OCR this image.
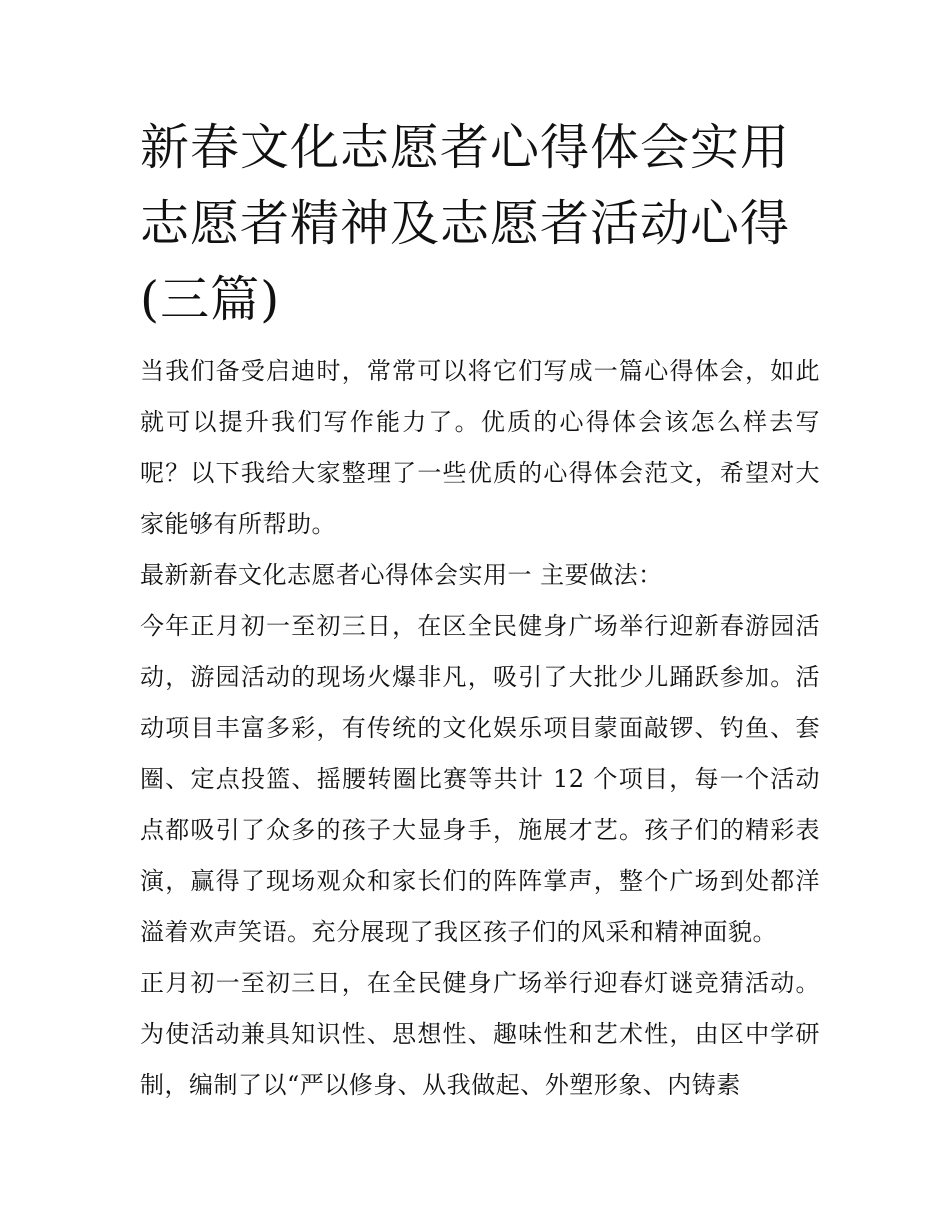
新春文化志愿者心得体会实用
志愿者精神及志愿者活动心得
(三篇)

当我们备受启迪时，常常可以将它们写成一篇心得体会，如此就可以提升我们写作能力了。优质的心得体会该怎么样去写呢？以下我给大家整理了一些优质的心得体会范文，希望对大家能够有所帮助。

最新新春文化志愿者心得体会实用一 主要做法：

今年正月初一至初三日，在区全民健身广场举行迎新春游园活动，游园活动的现场火爆非凡，吸引了大批少儿踊跃参加。活动项目丰富多彩，有传统的文化娱乐项目蒙面敲锣、钓鱼、套圈、定点投篮、摇腰转圈比赛等共计 12 个项目，每一个活动点都吸引了众多的孩子大显身手，施展才艺。孩子们的精彩表演，赢得了现场观众和家长们的阵阵掌声，整个广场到处都洋溢着欢声笑语。充分展现了我区孩子们的风采和精神面貌。

正月初一至初三日，在全民健身广场举行迎春灯谜竞猜活动。为使活动兼具知识性、思想性、趣味性和艺术性，由区中学研制，编制了以“严以修身、从我做起、外塑形象、内铸素
